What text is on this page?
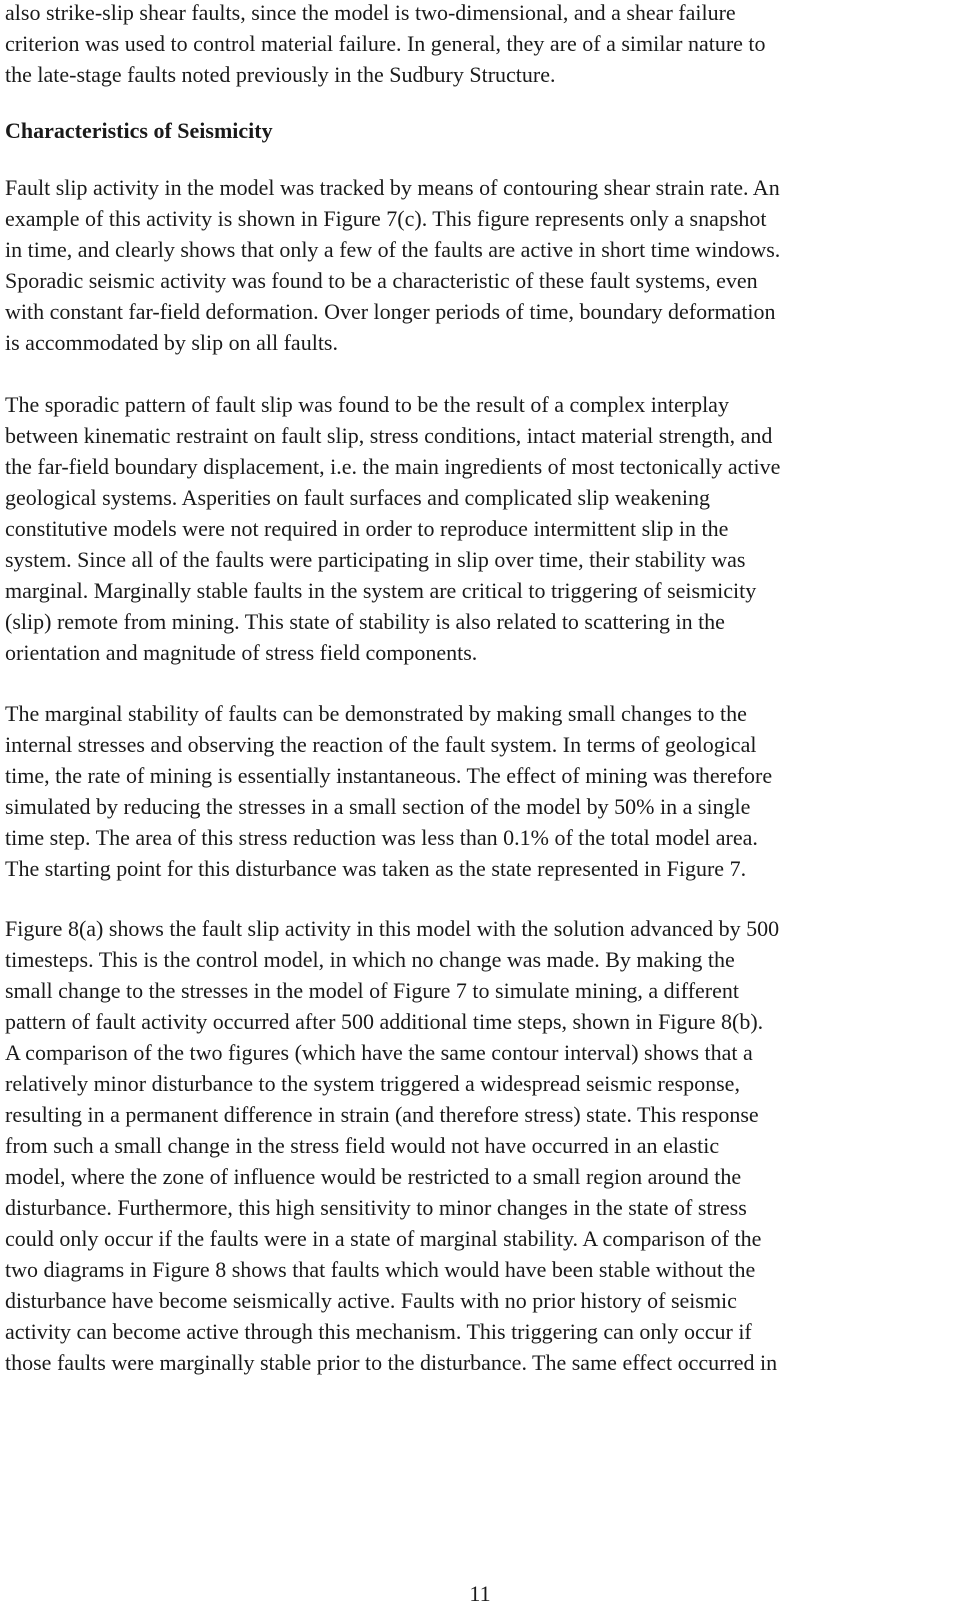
also strike-slip shear faults, since the model is two-dimensional, and a shear failure
criterion was used to control material failure. In general, they are of a similar nature to
the late-stage faults noted previously in the Sudbury Structure.
Characteristics of Seismicity
Fault slip activity in the model was tracked by means of contouring shear strain rate. An
example of this activity is shown in Figure 7(c). This figure represents only a snapshot
in time, and clearly shows that only a few of the faults are active in short time windows.
Sporadic seismic activity was found to be a characteristic of these fault systems, even
with constant far-field deformation. Over longer periods of time, boundary deformation
is accommodated by slip on all faults.
The sporadic pattern of fault slip was found to be the result of a complex interplay
between kinematic restraint on fault slip, stress conditions, intact material strength, and
the far-field boundary displacement, i.e. the main ingredients of most tectonically active
geological systems. Asperities on fault surfaces and complicated slip weakening
constitutive models were not required in order to reproduce intermittent slip in the
system. Since all of the faults were participating in slip over time, their stability was
marginal. Marginally stable faults in the system are critical to triggering of seismicity
(slip) remote from mining. This state of stability is also related to scattering in the
orientation and magnitude of stress field components.
The marginal stability of faults can be demonstrated by making small changes to the
internal stresses and observing the reaction of the fault system. In terms of geological
time, the rate of mining is essentially instantaneous. The effect of mining was therefore
simulated by reducing the stresses in a small section of the model by 50% in a single
time step. The area of this stress reduction was less than 0.1% of the total model area.
The starting point for this disturbance was taken as the state represented in Figure 7.
Figure 8(a) shows the fault slip activity in this model with the solution advanced by 500
timesteps. This is the control model, in which no change was made. By making the
small change to the stresses in the model of Figure 7 to simulate mining, a different
pattern of fault activity occurred after 500 additional time steps, shown in Figure 8(b).
A comparison of the two figures (which have the same contour interval) shows that a
relatively minor disturbance to the system triggered a widespread seismic response,
resulting in a permanent difference in strain (and therefore stress) state. This response
from such a small change in the stress field would not have occurred in an elastic
model, where the zone of influence would be restricted to a small region around the
disturbance. Furthermore, this high sensitivity to minor changes in the state of stress
could only occur if the faults were in a state of marginal stability. A comparison of the
two diagrams in Figure 8 shows that faults which would have been stable without the
disturbance have become seismically active. Faults with no prior history of seismic
activity can become active through this mechanism. This triggering can only occur if
those faults were marginally stable prior to the disturbance. The same effect occurred in
11
